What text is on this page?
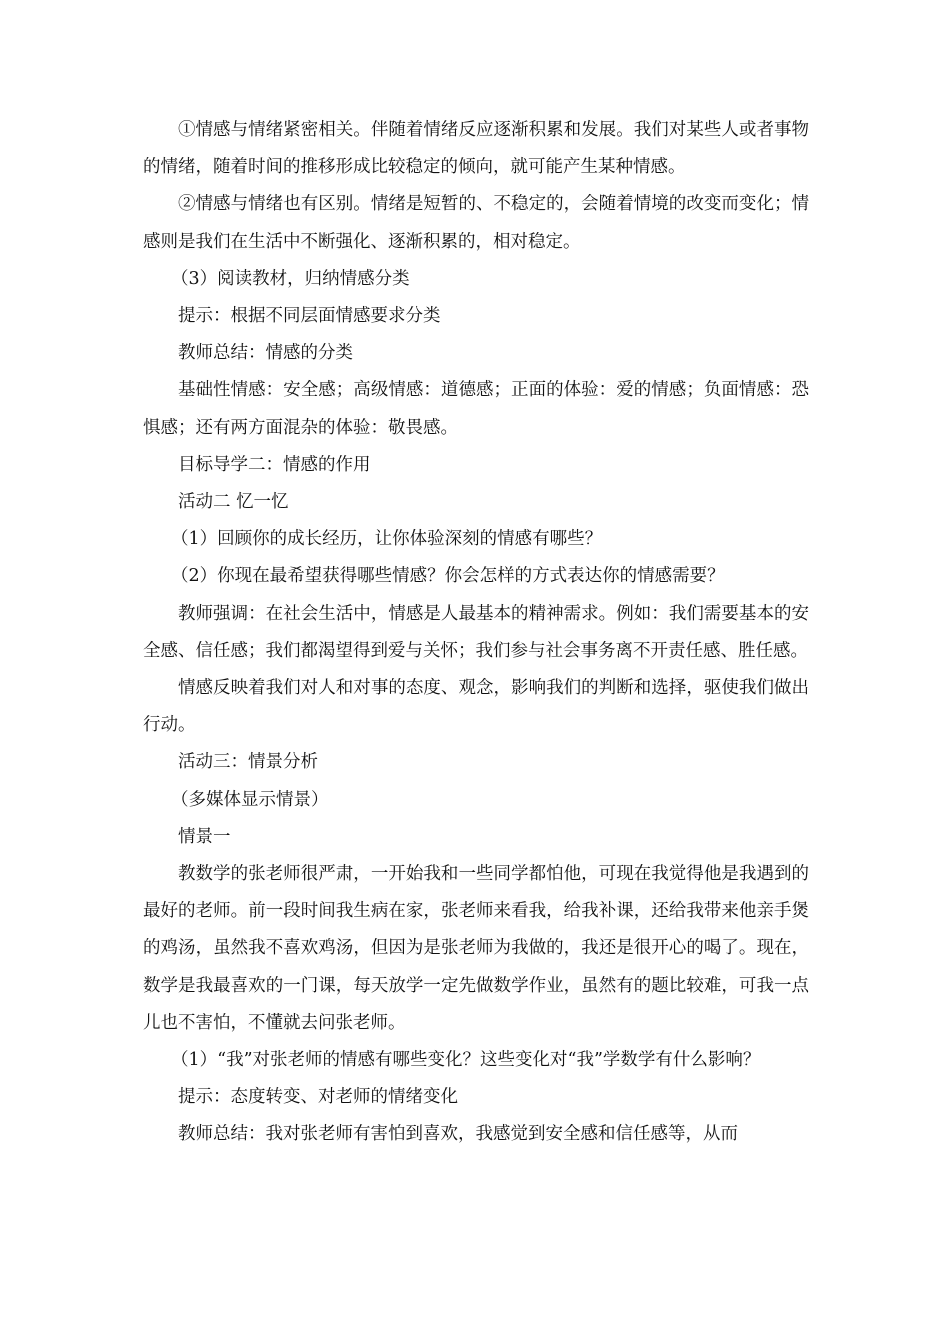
①情感与情绪紧密相关。伴随着情绪反应逐渐积累和发展。我们对某些人或者事物的情绪，随着时间的推移形成比较稳定的倾向，就可能产生某种情感。

②情感与情绪也有区别。情绪是短暂的、不稳定的，会随着情境的改变而变化；情感则是我们在生活中不断强化、逐渐积累的，相对稳定。

（3）阅读教材，归纳情感分类

提示：根据不同层面情感要求分类

教师总结：情感的分类

基础性情感：安全感；高级情感：道德感；正面的体验：爱的情感；负面情感：恐惧感；还有两方面混杂的体验：敬畏感。

目标导学二：情感的作用

活动二 忆一忆

（1）回顾你的成长经历，让你体验深刻的情感有哪些？

（2）你现在最希望获得哪些情感？你会怎样的方式表达你的情感需要？

教师强调：在社会生活中，情感是人最基本的精神需求。例如：我们需要基本的安全感、信任感；我们都渴望得到爱与关怀；我们参与社会事务离不开责任感、胜任感。

情感反映着我们对人和对事的态度、观念，影响我们的判断和选择，驱使我们做出行动。

活动三：情景分析

（多媒体显示情景）

情景一

教数学的张老师很严肃，一开始我和一些同学都怕他，可现在我觉得他是我遇到的最好的老师。前一段时间我生病在家，张老师来看我，给我补课，还给我带来他亲手煲的鸡汤，虽然我不喜欢鸡汤，但因为是张老师为我做的，我还是很开心的喝了。现在，数学是我最喜欢的一门课，每天放学一定先做数学作业，虽然有的题比较难，可我一点儿也不害怕，不懂就去问张老师。

（1）“我”对张老师的情感有哪些变化？这些变化对“我”学数学有什么影响？

提示：态度转变、对老师的情绪变化

教师总结：我对张老师有害怕到喜欢，我感觉到安全感和信任感等，从而
